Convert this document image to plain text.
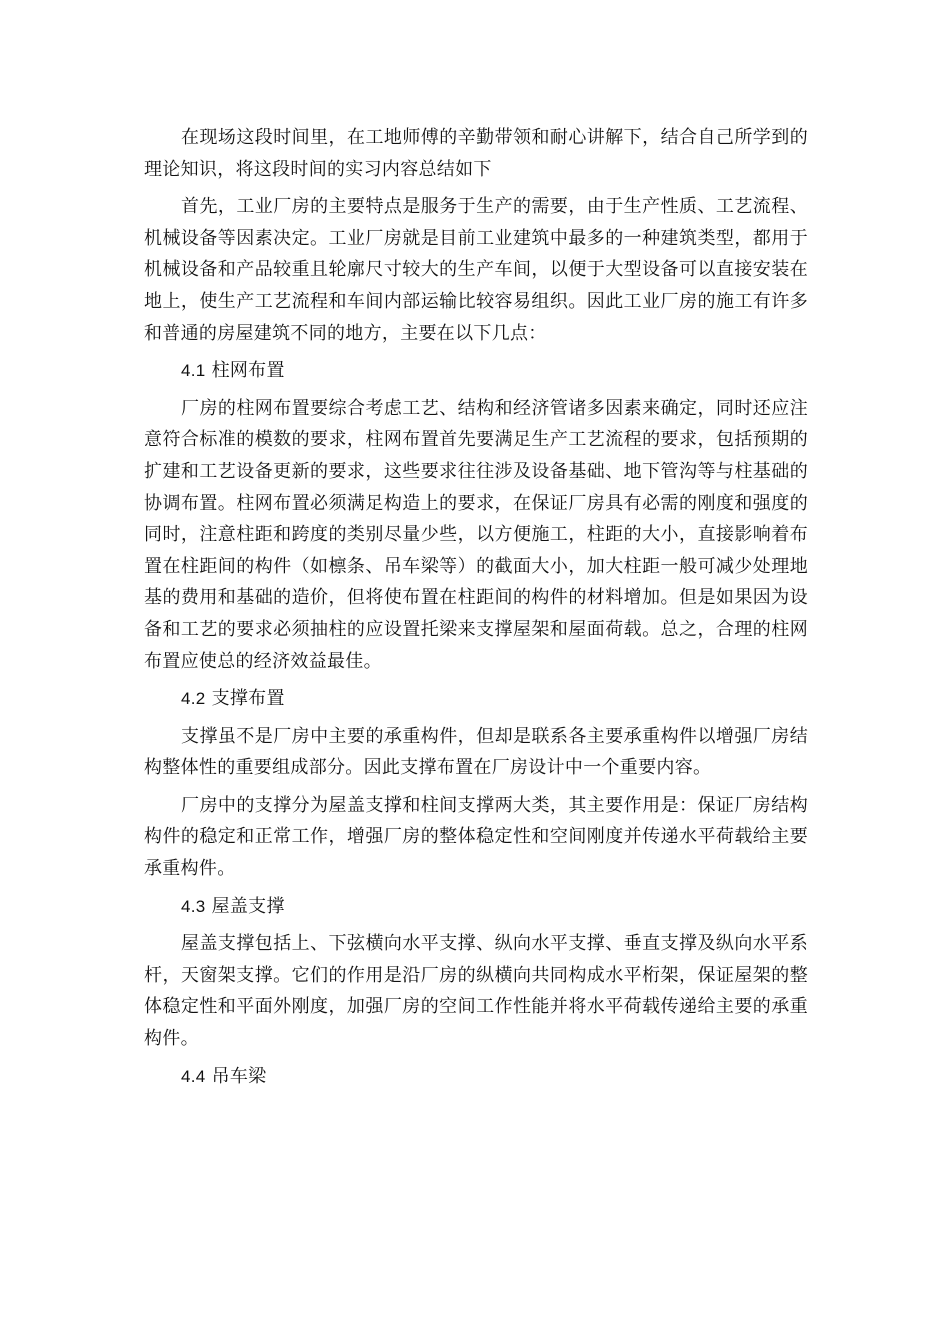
在现场这段时间里，在工地师傅的辛勤带领和耐心讲解下，结合自己所学到的理论知识，将这段时间的实习内容总结如下

首先，工业厂房的主要特点是服务于生产的需要，由于生产性质、工艺流程、机械设备等因素决定。工业厂房就是目前工业建筑中最多的一种建筑类型，都用于机械设备和产品较重且轮廓尺寸较大的生产车间，以便于大型设备可以直接安装在地上，使生产工艺流程和车间内部运输比较容易组织。因此工业厂房的施工有许多和普通的房屋建筑不同的地方，主要在以下几点：

4.1 柱网布置

厂房的柱网布置要综合考虑工艺、结构和经济管诸多因素来确定，同时还应注意符合标准的模数的要求，柱网布置首先要满足生产工艺流程的要求，包括预期的扩建和工艺设备更新的要求，这些要求往往涉及设备基础、地下管沟等与柱基础的协调布置。柱网布置必须满足构造上的要求，在保证厂房具有必需的刚度和强度的同时，注意柱距和跨度的类别尽量少些，以方便施工，柱距的大小，直接影响着布置在柱距间的构件（如檩条、吊车梁等）的截面大小，加大柱距一般可减少处理地基的费用和基础的造价，但将使布置在柱距间的构件的材料增加。但是如果因为设备和工艺的要求必须抽柱的应设置托梁来支撑屋架和屋面荷载。总之，合理的柱网布置应使总的经济效益最佳。

4.2 支撑布置

支撑虽不是厂房中主要的承重构件，但却是联系各主要承重构件以增强厂房结构整体性的重要组成部分。因此支撑布置在厂房设计中一个重要内容。

厂房中的支撑分为屋盖支撑和柱间支撑两大类，其主要作用是：保证厂房结构构件的稳定和正常工作，增强厂房的整体稳定性和空间刚度并传递水平荷载给主要承重构件。

4.3 屋盖支撑

屋盖支撑包括上、下弦横向水平支撑、纵向水平支撑、垂直支撑及纵向水平系杆，天窗架支撑。它们的作用是沿厂房的纵横向共同构成水平桁架，保证屋架的整体稳定性和平面外刚度，加强厂房的空间工作性能并将水平荷载传递给主要的承重构件。

4.4 吊车梁
